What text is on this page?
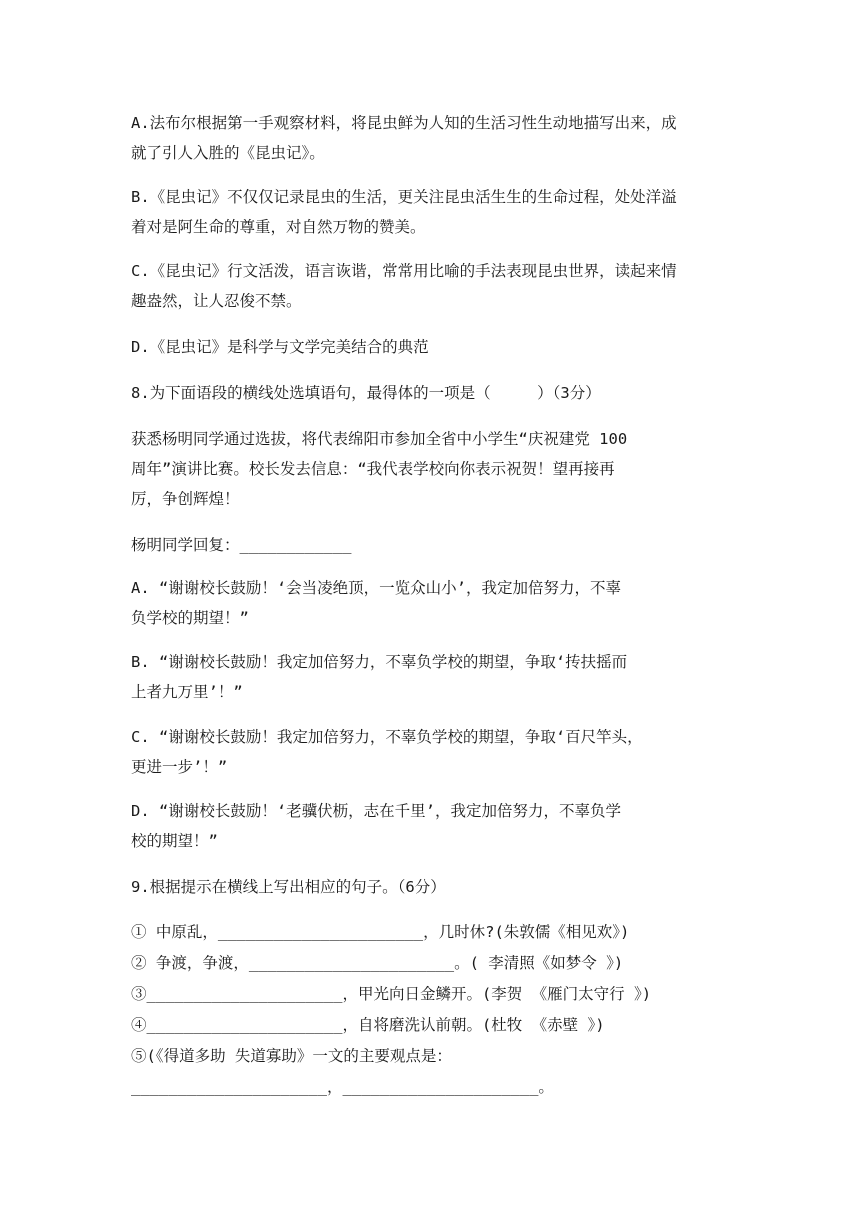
A.法布尔根据第一手观察材料，将昆虫鲜为人知的生活习性生动地描写出来，成
就了引人入胜的《昆虫记》。
B.《昆虫记》不仅仅记录昆虫的生活，更关注昆虫活生生的生命过程，处处洋溢
着对是阿生命的尊重，对自然万物的赞美。
C.《昆虫记》行文活泼，语言诙谐，常常用比喻的手法表现昆虫世界，读起来情
趣盎然，让人忍俊不禁。
D.《昆虫记》是科学与文学完美结合的典范
8.为下面语段的横线处选填语句，最得体的一项是（　　　）（3分）
获悉杨明同学通过选拔，将代表绵阳市参加全省中小学生“庆祝建党 100
周年”演讲比赛。校长发去信息：“我代表学校向你表示祝贺！望再接再
厉，争创辉煌！
杨明同学回复：____________
A. “谢谢校长鼓励！‘会当凌绝顶，一览众山小’，我定加倍努力，不辜
负学校的期望！”
B. “谢谢校长鼓励！我定加倍努力，不辜负学校的期望，争取‘抟扶摇而
上者九万里’！”
C. “谢谢校长鼓励！我定加倍努力，不辜负学校的期望，争取‘百尺竿头，
更进一步’！”
D. “谢谢校长鼓励！‘老骥伏枥，志在千里’，我定加倍努力，不辜负学
校的期望！”
9.根据提示在横线上写出相应的句子。（6分）
① 中原乱，______________________，几时休?(朱敦儒《相见欢》)
② 争渡，争渡，______________________。( 李清照《如梦令 》)
③_____________________，甲光向日金鳞开。(李贺 《雁门太守行 》)
④_____________________，自将磨洗认前朝。(杜牧 《赤壁 》)
⑤(《得道多助 失道寡助》一文的主要观点是：
_____________________，_____________________。
